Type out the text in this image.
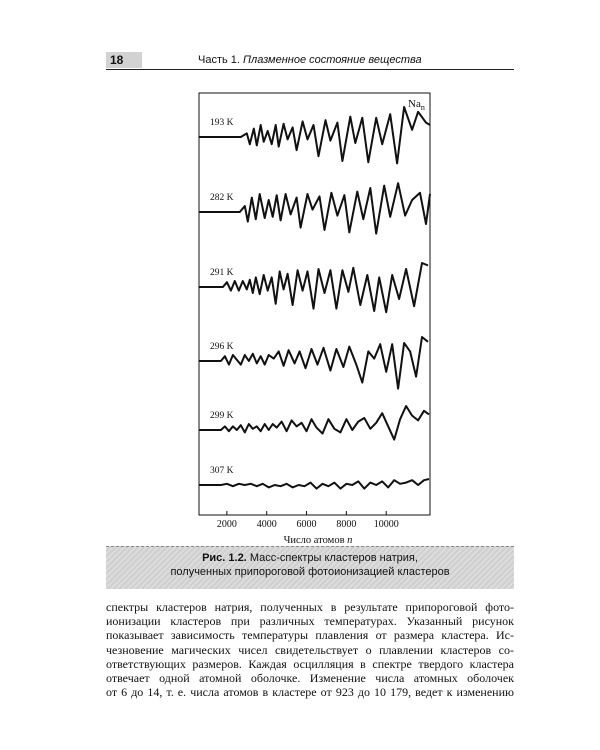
18	Часть 1. Плазменное состояние вещества
193 K
282 K
291 K
296 K
299 K
307 K
2000 4000 6000 8000 10000
$Na_n$
Число атомов n
Рис. 1.2. Масс-спектры кластеров натрия,
полученных припороговой фотоионизацией кластеров
спектры кластеров натрия, полученных в результате припороговой фото-
ионизации кластеров при различных температурах. Указанный рисунок
показывает зависимость температуры плавления от размера кластера. Ис-
чезновение магических чисел свидетельствует о плавлении кластеров со-
ответствующих размеров. Каждая осцилляция в спектре твердого кластера
отвечает одной атомной оболочке. Изменение числа атомных оболочек
от 6 до 14, т. е. числа атомов в кластере от 923 до 10 179, ведет к изменению
